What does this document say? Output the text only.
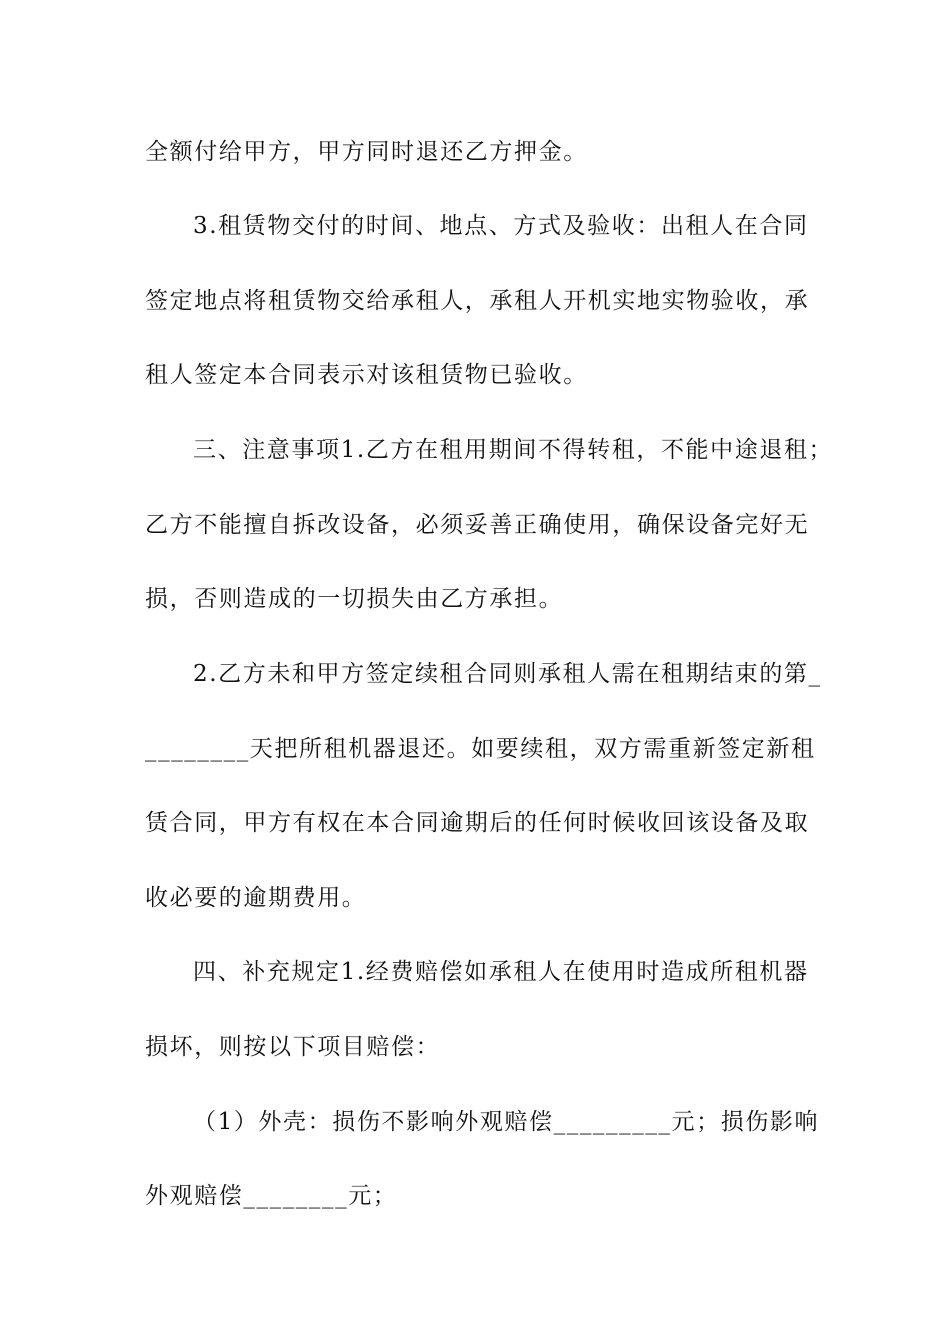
全额付给甲方，甲方同时退还乙方押金。
3.租赁物交付的时间、地点、方式及验收：出租人在合同
签定地点将租赁物交给承租人，承租人开机实地实物验收，承
租人签定本合同表示对该租赁物已验收。
三、注意事项1.乙方在租用期间不得转租，不能中途退租；
乙方不能擅自拆改设备，必须妥善正确使用，确保设备完好无
损，否则造成的一切损失由乙方承担。
2.乙方未和甲方签定续租合同则承租人需在租期结束的第_
________天把所租机器退还。如要续租，双方需重新签定新租
赁合同，甲方有权在本合同逾期后的任何时候收回该设备及取
收必要的逾期费用。
四、补充规定1.经费赔偿如承租人在使用时造成所租机器
损坏，则按以下项目赔偿：
（1）外壳：损伤不影响外观赔偿_________元；损伤影响
外观赔偿________元；
